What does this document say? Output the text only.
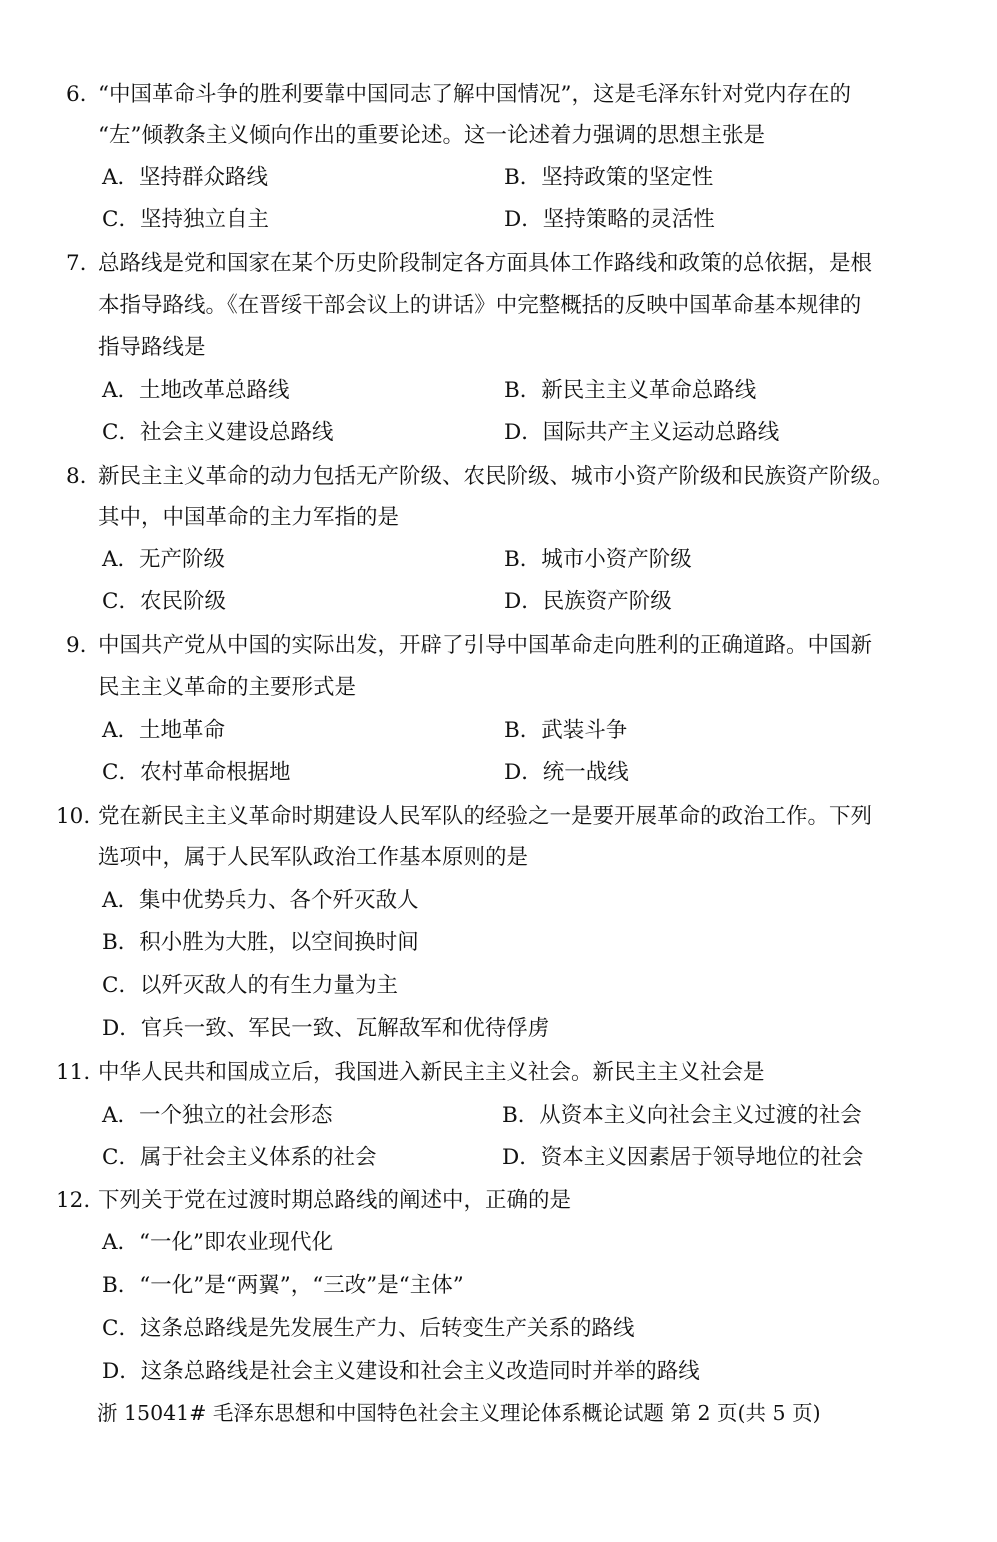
6. “中国革命斗争的胜利要靠中国同志了解中国情况”，这是毛泽东针对党内存在的
“左”倾教条主义倾向作出的重要论述。这一论述着力强调的思想主张是
A．坚持群众路线	B．坚持政策的坚定性
C．坚持独立自主	D．坚持策略的灵活性
7. 总路线是党和国家在某个历史阶段制定各方面具体工作路线和政策的总依据，是根
本指导路线。《在晋绥干部会议上的讲话》中完整概括的反映中国革命基本规律的
指导路线是
A．土地改革总路线	B．新民主主义革命总路线
C．社会主义建设总路线	D．国际共产主义运动总路线
8. 新民主主义革命的动力包括无产阶级、农民阶级、城市小资产阶级和民族资产阶级。
其中，中国革命的主力军指的是
A．无产阶级	B．城市小资产阶级
C．农民阶级	D．民族资产阶级
9. 中国共产党从中国的实际出发，开辟了引导中国革命走向胜利的正确道路。中国新
民主主义革命的主要形式是
A．土地革命	B．武装斗争
C．农村革命根据地	D．统一战线
10. 党在新民主主义革命时期建设人民军队的经验之一是要开展革命的政治工作。下列
选项中，属于人民军队政治工作基本原则的是
A．集中优势兵力、各个歼灭敌人
B．积小胜为大胜，以空间换时间
C．以歼灭敌人的有生力量为主
D．官兵一致、军民一致、瓦解敌军和优待俘虏
11. 中华人民共和国成立后，我国进入新民主主义社会。新民主主义社会是
A．一个独立的社会形态	B．从资本主义向社会主义过渡的社会
C．属于社会主义体系的社会	D．资本主义因素居于领导地位的社会
12. 下列关于党在过渡时期总路线的阐述中，正确的是
A．“一化”即农业现代化
B．“一化”是“两翼”，“三改”是“主体”
C．这条总路线是先发展生产力、后转变生产关系的路线
D．这条总路线是社会主义建设和社会主义改造同时并举的路线
浙 15041# 毛泽东思想和中国特色社会主义理论体系概论试题 第 2 页(共 5 页)
